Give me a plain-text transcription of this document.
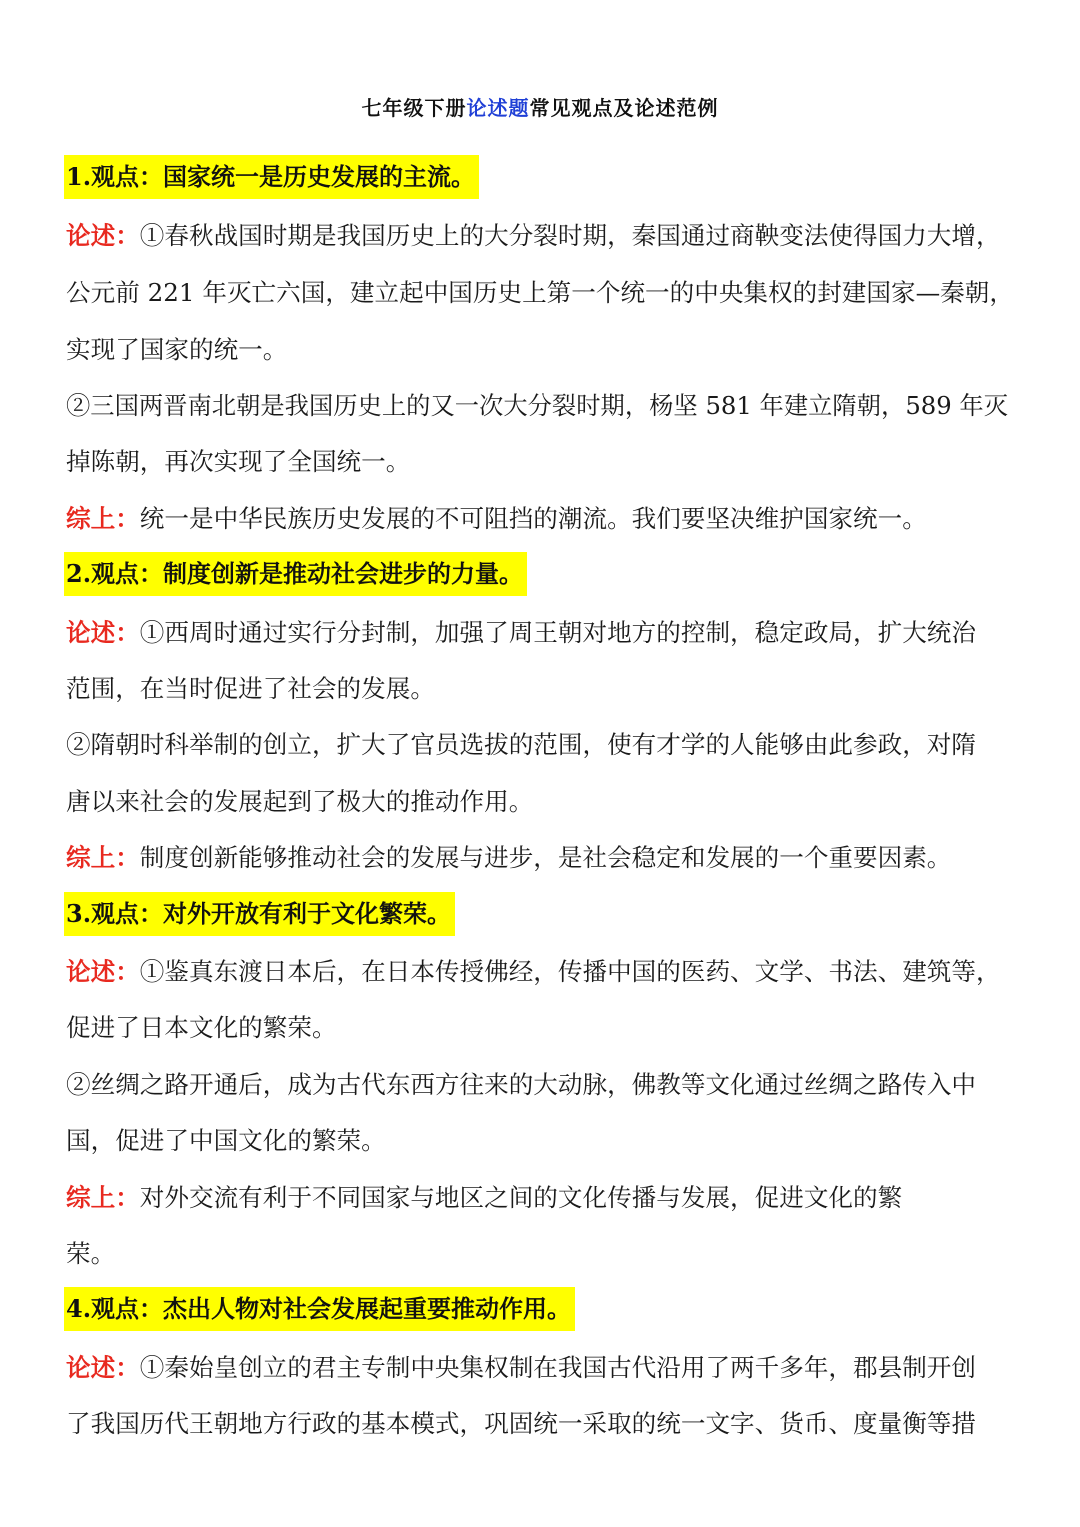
七年级下册论述题常见观点及论述范例
1.观点：国家统一是历史发展的主流。
论述：①春秋战国时期是我国历史上的大分裂时期，秦国通过商鞅变法使得国力大增，
公元前 221 年灭亡六国，建立起中国历史上第一个统一的中央集权的封建国家—秦朝，
实现了国家的统一。
②三国两晋南北朝是我国历史上的又一次大分裂时期，杨坚 581 年建立隋朝，589 年灭
掉陈朝，再次实现了全国统一。
综上：统一是中华民族历史发展的不可阻挡的潮流。我们要坚决维护国家统一。
2.观点：制度创新是推动社会进步的力量。
论述：①西周时通过实行分封制，加强了周王朝对地方的控制，稳定政局，扩大统治
范围，在当时促进了社会的发展。
②隋朝时科举制的创立，扩大了官员选拔的范围，使有才学的人能够由此参政，对隋
唐以来社会的发展起到了极大的推动作用。
综上：制度创新能够推动社会的发展与进步，是社会稳定和发展的一个重要因素。
3.观点：对外开放有利于文化繁荣。
论述：①鉴真东渡日本后，在日本传授佛经，传播中国的医药、文学、书法、建筑等，
促进了日本文化的繁荣。
②丝绸之路开通后，成为古代东西方往来的大动脉，佛教等文化通过丝绸之路传入中
国，促进了中国文化的繁荣。
综上：对外交流有利于不同国家与地区之间的文化传播与发展，促进文化的繁
荣。
4.观点：杰出人物对社会发展起重要推动作用。
论述：①秦始皇创立的君主专制中央集权制在我国古代沿用了两千多年，郡县制开创
了我国历代王朝地方行政的基本模式，巩固统一采取的统一文字、货币、度量衡等措
